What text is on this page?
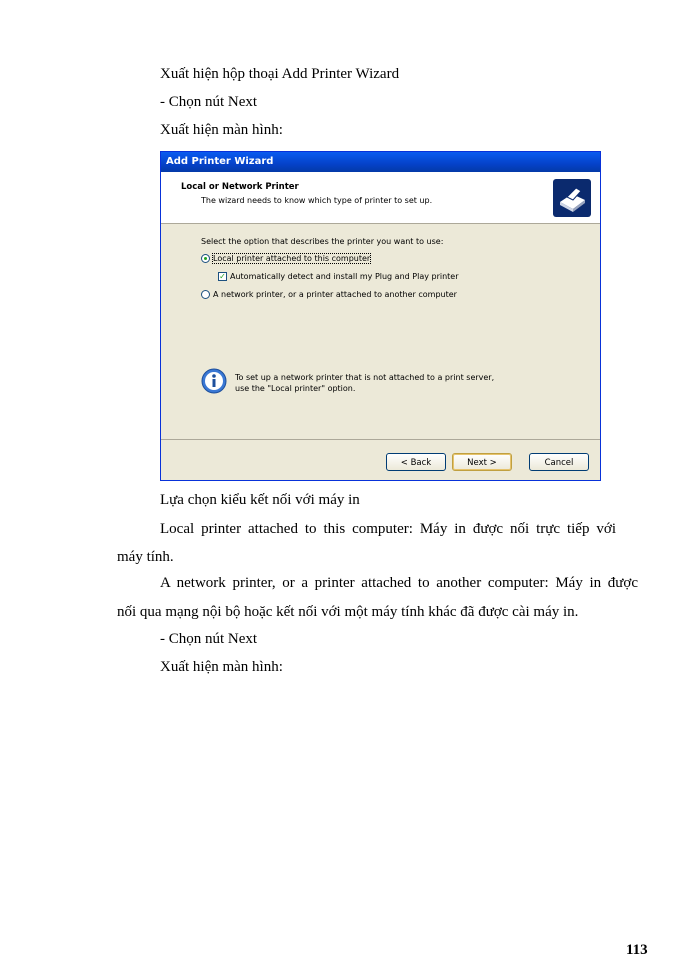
Xuất hiện hộp thoại Add Printer Wizard
- Chọn nút Next
Xuất hiện màn hình:
Add Printer Wizard
Local or Network Printer
The wizard needs to know which type of printer to set up.
Select the option that describes the printer you want to use:
Local printer attached to this computer
✓ Automatically detect and install my Plug and Play printer
A network printer, or a printer attached to another computer
To set up a network printer that is not attached to a print server,
use the "Local printer" option.
< Back	Next >	Cancel
Lựa chọn kiểu kết nối với máy in
Local printer attached to this computer: Máy in được nối trực tiếp với
máy tính.
A network printer, or a printer attached to another computer: Máy in được
nối qua mạng nội bộ hoặc kết nối với một máy tính khác đã được cài máy in.
- Chọn nút Next
Xuất hiện màn hình:
113
